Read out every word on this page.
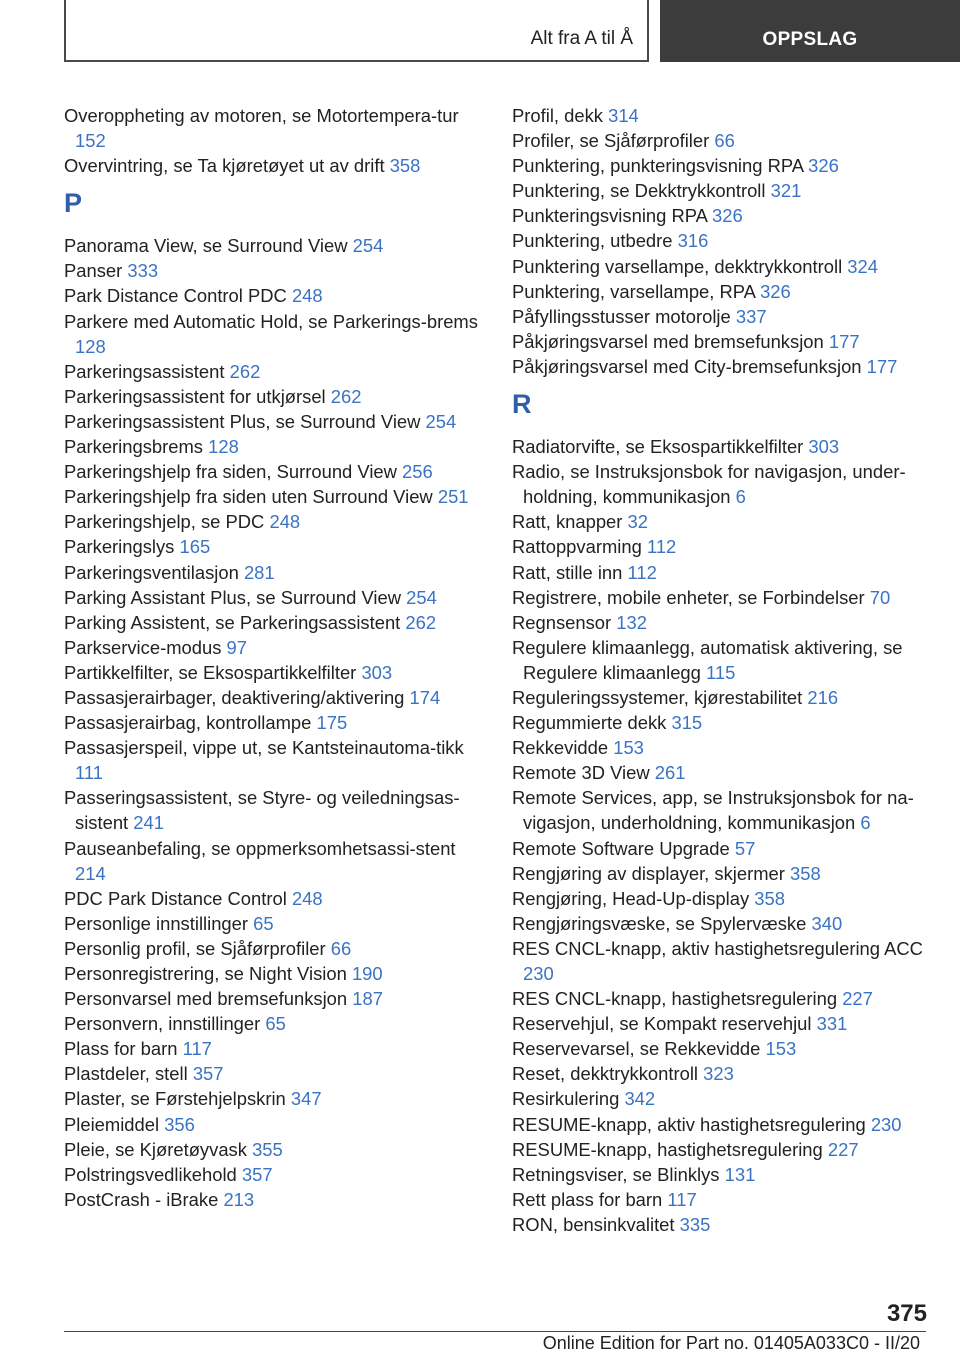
Alt fra A til Å	OPPSLAG
Overoppheting av motoren, se Motortempera-tur 152
Overvintring, se Ta kjøretøyet ut av drift 358
P
Panorama View, se Surround View 254
Panser 333
Park Distance Control PDC 248
Parkere med Automatic Hold, se Parkerings-brems 128
Parkeringsassistent 262
Parkeringsassistent for utkjørsel 262
Parkeringsassistent Plus, se Surround View 254
Parkeringsbrems 128
Parkeringshjelp fra siden, Surround View 256
Parkeringshjelp fra siden uten Surround View 251
Parkeringshjelp, se PDC 248
Parkeringslys 165
Parkeringsventilasjon 281
Parking Assistant Plus, se Surround View 254
Parking Assistent, se Parkeringsassistent 262
Parkservice-modus 97
Partikkelfilter, se Eksospartikkelfilter 303
Passasjerairbager, deaktivering/aktivering 174
Passasjerairbag, kontrollampe 175
Passasjerspeil, vippe ut, se Kantsteinautoma-tikk 111
Passeringsassistent, se Styre- og veiledningsas-sistent 241
Pauseanbefaling, se oppmerksomhetsassi-stent 214
PDC Park Distance Control 248
Personlige innstillinger 65
Personlig profil, se Sjåførprofiler 66
Personregistrering, se Night Vision 190
Personvarsel med bremsefunksjon 187
Personvern, innstillinger 65
Plass for barn 117
Plastdeler, stell 357
Plaster, se Førstehjelpskrin 347
Pleiemiddel 356
Pleie, se Kjøretøyvask 355
Polstringsvedlikehold 357
PostCrash - iBrake 213
Profil, dekk 314
Profiler, se Sjåførprofiler 66
Punktering, punkteringsvisning RPA 326
Punktering, se Dekktrykkontroll 321
Punkteringsvisning RPA 326
Punktering, utbedre 316
Punktering varsellampe, dekktrykkontroll 324
Punktering, varsellampe, RPA 326
Påfyllingsstusser motorolje 337
Påkjøringsvarsel med bremsefunksjon 177
Påkjøringsvarsel med City-bremsefunksjon 177
R
Radiatorvifte, se Eksospartikkelfilter 303
Radio, se Instruksjonsbok for navigasjon, under-holdning, kommunikasjon 6
Ratt, knapper 32
Rattoppvarming 112
Ratt, stille inn 112
Registrere, mobile enheter, se Forbindelser 70
Regnsensor 132
Regulere klimaanlegg, automatisk aktivering, se Regulere klimaanlegg 115
Reguleringssystemer, kjørestabilitet 216
Regummierte dekk 315
Rekkevidde 153
Remote 3D View 261
Remote Services, app, se Instruksjonsbok for na-vigasjon, underholdning, kommunikasjon 6
Remote Software Upgrade 57
Rengjøring av displayer, skjermer 358
Rengjøring, Head-Up-display 358
Rengjøringsvæske, se Spylervæske 340
RES CNCL-knapp, aktiv hastighetsregulering ACC 230
RES CNCL-knapp, hastighetsregulering 227
Reservehjul, se Kompakt reservehjul 331
Reservevarsel, se Rekkevidde 153
Reset, dekktrykkontroll 323
Resirkulering 342
RESUME-knapp, aktiv hastighetsregulering 230
RESUME-knapp, hastighetsregulering 227
Retningsviser, se Blinklys 131
Rett plass for barn 117
RON, bensinkvalitet 335
375
Online Edition for Part no. 01405A033C0 - II/20
